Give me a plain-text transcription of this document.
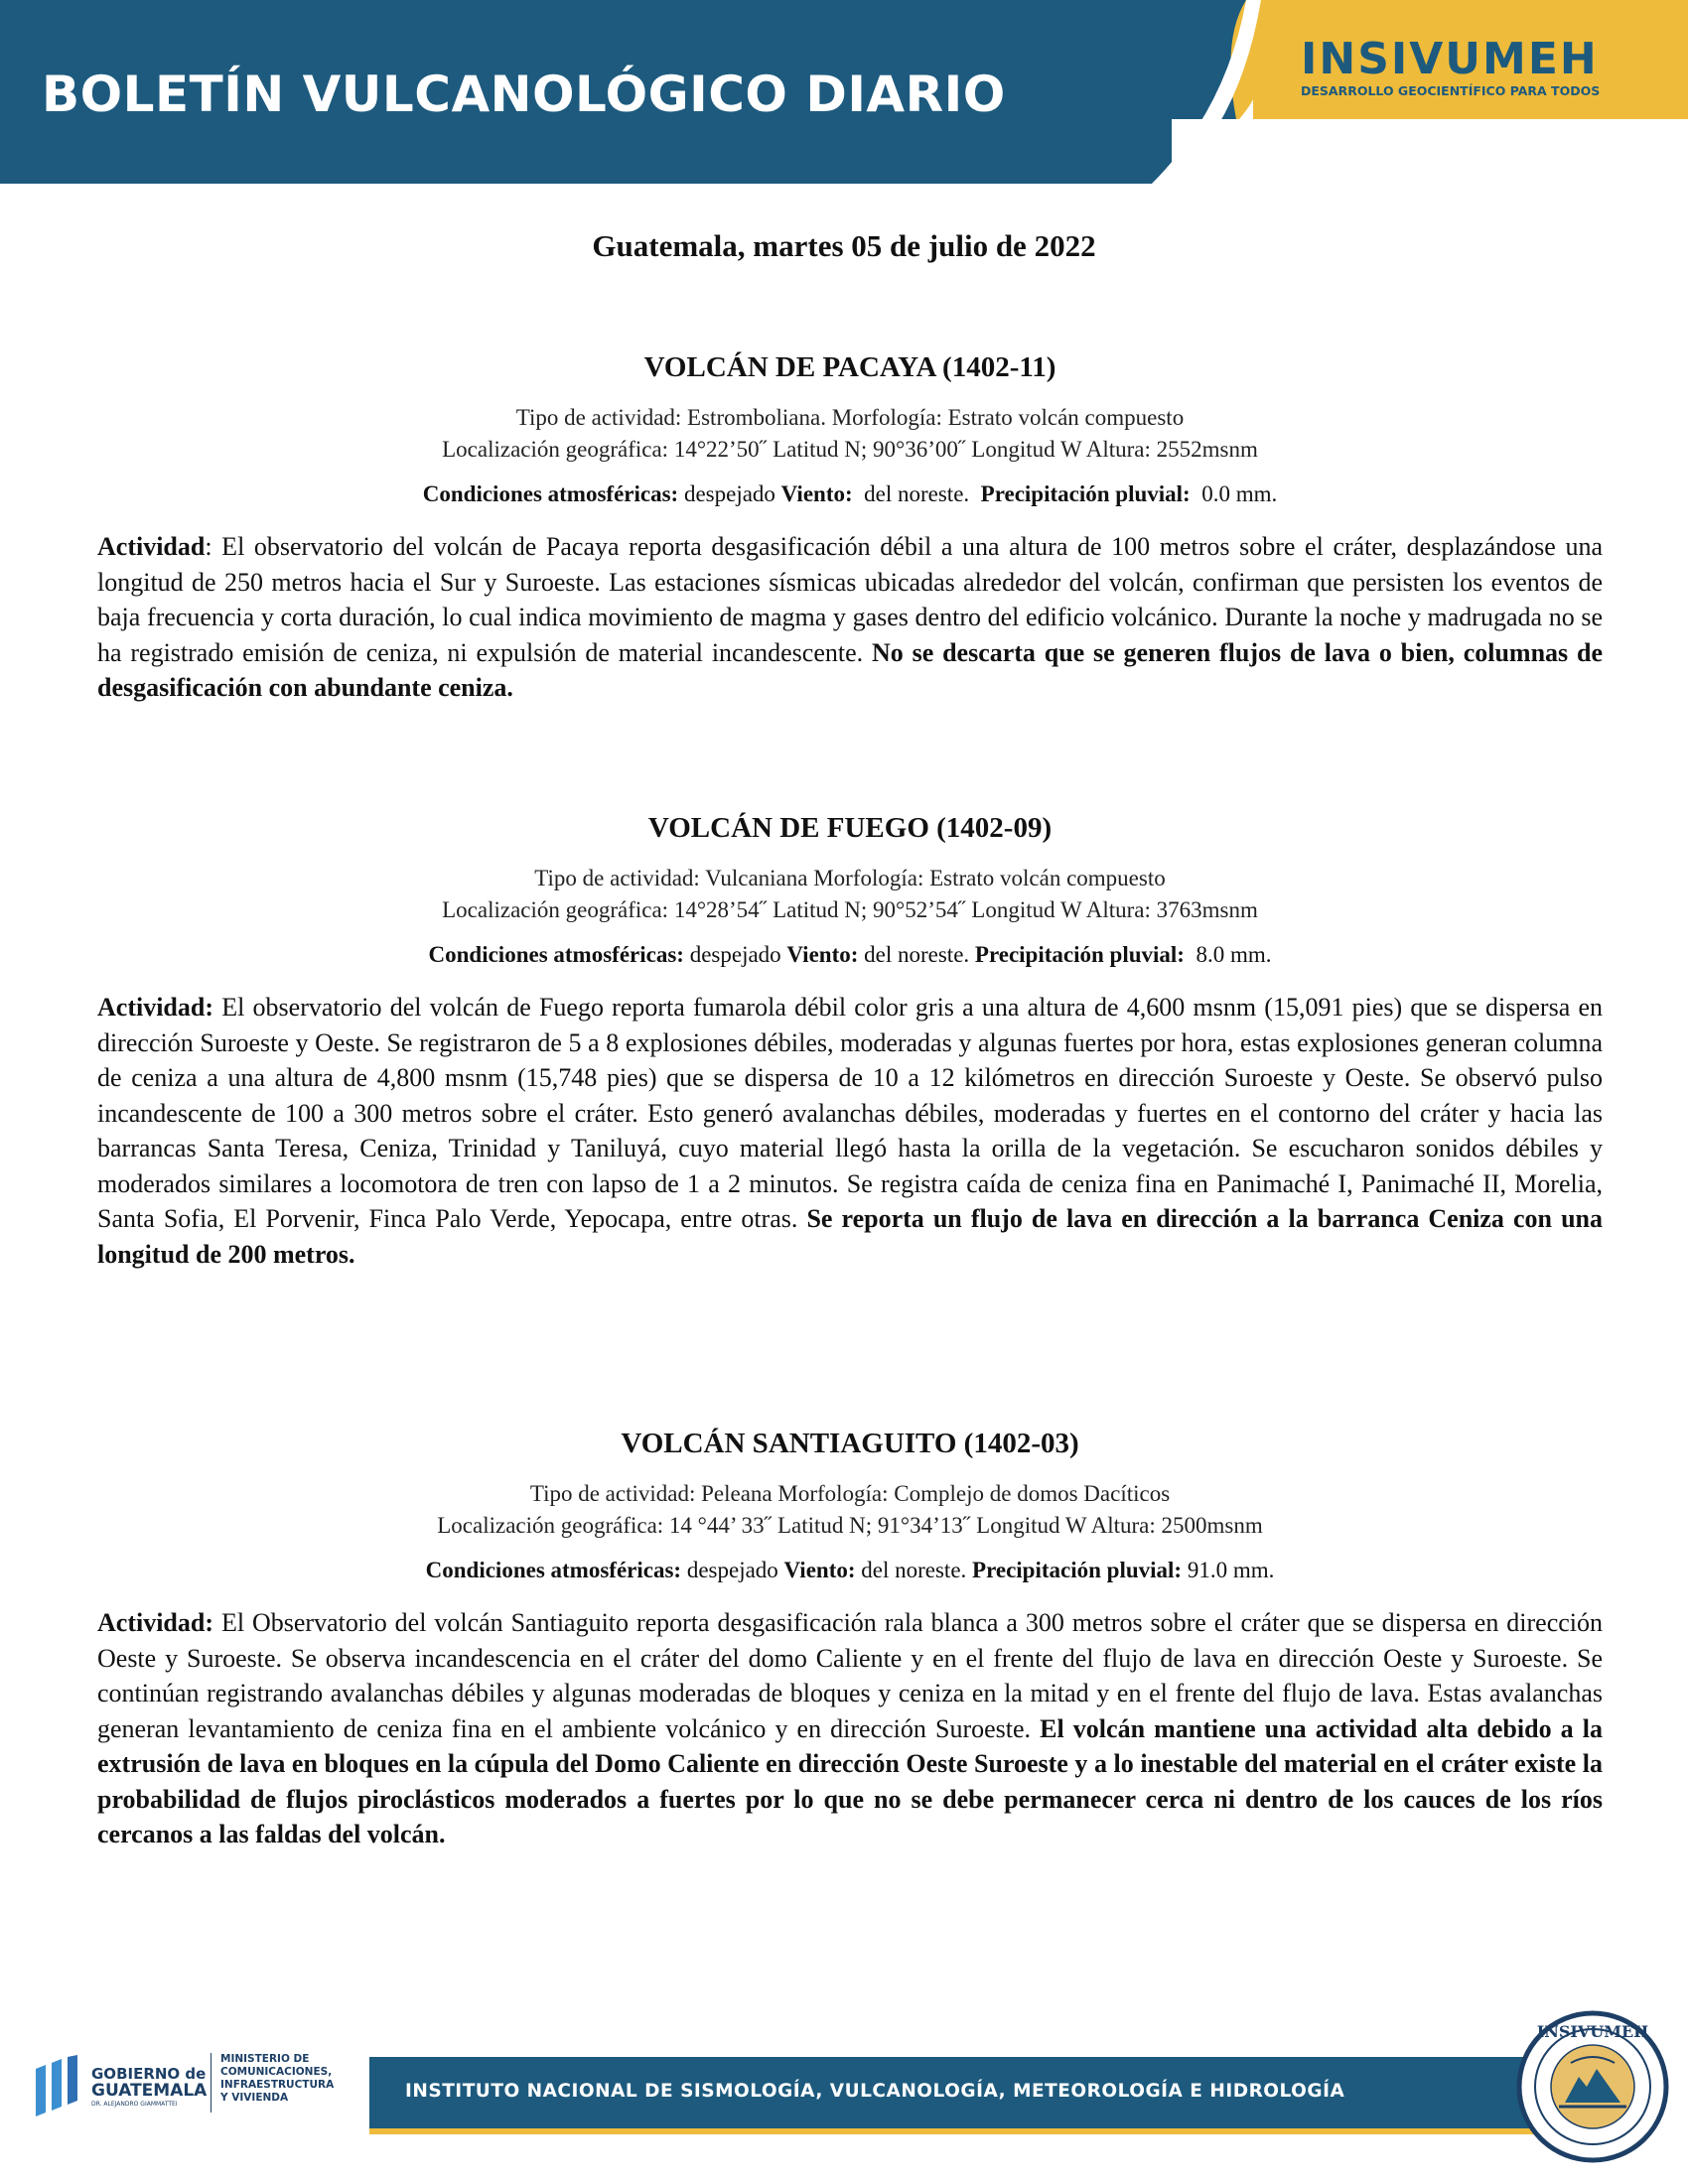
BOLETÍN VULCANOLÓGICO DIARIO
INSIVUMEH
DESARROLLO GEOCIENTÍFICO PARA TODOS
Guatemala, martes 05 de julio de 2022
VOLCÁN DE PACAYA (1402-11)
Tipo de actividad: Estromboliana. Morfología: Estrato volcán compuesto
Localización geográfica: 14°22’50˝ Latitud N; 90°36’00˝ Longitud W Altura: 2552msnm
Condiciones atmosféricas: despejado Viento:  del noreste.  Precipitación pluvial:  0.0 mm.
Actividad: El observatorio del volcán de Pacaya reporta desgasificación débil a una altura de 100 metros sobre el cráter, desplazándose una longitud de 250 metros hacia el Sur y Suroeste. Las estaciones sísmicas ubicadas alrededor del volcán, confirman que persisten los eventos de baja frecuencia y corta duración, lo cual indica movimiento de magma y gases dentro del edificio volcánico. Durante la noche y madrugada no se ha registrado emisión de ceniza, ni expulsión de material incandescente. No se descarta que se generen flujos de lava o bien, columnas de desgasificación con abundante ceniza.
VOLCÁN DE FUEGO (1402-09)
Tipo de actividad: Vulcaniana Morfología: Estrato volcán compuesto
Localización geográfica: 14°28’54˝ Latitud N; 90°52’54˝ Longitud W Altura: 3763msnm
Condiciones atmosféricas: despejado Viento: del noreste. Precipitación pluvial:  8.0 mm.
Actividad: El observatorio del volcán de Fuego reporta fumarola débil color gris a una altura de 4,600 msnm (15,091 pies) que se dispersa en dirección Suroeste y Oeste. Se registraron de 5 a 8 explosiones débiles, moderadas y algunas fuertes por hora, estas explosiones generan columna de ceniza a una altura de 4,800 msnm (15,748 pies) que se dispersa de 10 a 12 kilómetros en dirección Suroeste y Oeste. Se observó pulso incandescente de 100 a 300 metros sobre el cráter. Esto generó avalanchas débiles, moderadas y fuertes en el contorno del cráter y hacia las barrancas Santa Teresa, Ceniza, Trinidad y Taniluyá, cuyo material llegó hasta la orilla de la vegetación. Se escucharon sonidos débiles y moderados similares a locomotora de tren con lapso de 1 a 2 minutos. Se registra caída de ceniza fina en Panimaché I, Panimaché II, Morelia, Santa Sofia, El Porvenir, Finca Palo Verde, Yepocapa, entre otras. Se reporta un flujo de lava en dirección a la barranca Ceniza con una longitud de 200 metros.
VOLCÁN SANTIAGUITO (1402-03)
Tipo de actividad: Peleana Morfología: Complejo de domos Dacíticos
Localización geográfica: 14 °44’ 33˝ Latitud N; 91°34’13˝ Longitud W Altura: 2500msnm
Condiciones atmosféricas: despejado Viento: del noreste. Precipitación pluvial: 91.0 mm.
Actividad: El Observatorio del volcán Santiaguito reporta desgasificación rala blanca a 300 metros sobre el cráter que se dispersa en dirección Oeste y Suroeste. Se observa incandescencia en el cráter del domo Caliente y en el frente del flujo de lava en dirección Oeste y Suroeste. Se continúan registrando avalanchas débiles y algunas moderadas de bloques y ceniza en la mitad y en el frente del flujo de lava. Estas avalanchas generan levantamiento de ceniza fina en el ambiente volcánico y en dirección Suroeste. El volcán mantiene una actividad alta debido a la extrusión de lava en bloques en la cúpula del Domo Caliente en dirección Oeste Suroeste y a lo inestable del material en el cráter existe la probabilidad de flujos piroclásticos moderados a fuertes por lo que no se debe permanecer cerca ni dentro de los cauces de los ríos cercanos a las faldas del volcán.
GOBIERNO de
GUATEMALA
DR. ALEJANDRO GIAMMATTEI
MINISTERIO DE
COMUNICACIONES,
INFRAESTRUCTURA
Y VIVIENDA	INSTITUTO NACIONAL DE SISMOLOGÍA, VULCANOLOGÍA, METEOROLOGÍA E HIDROLOGÍA
INSIVUMEH
